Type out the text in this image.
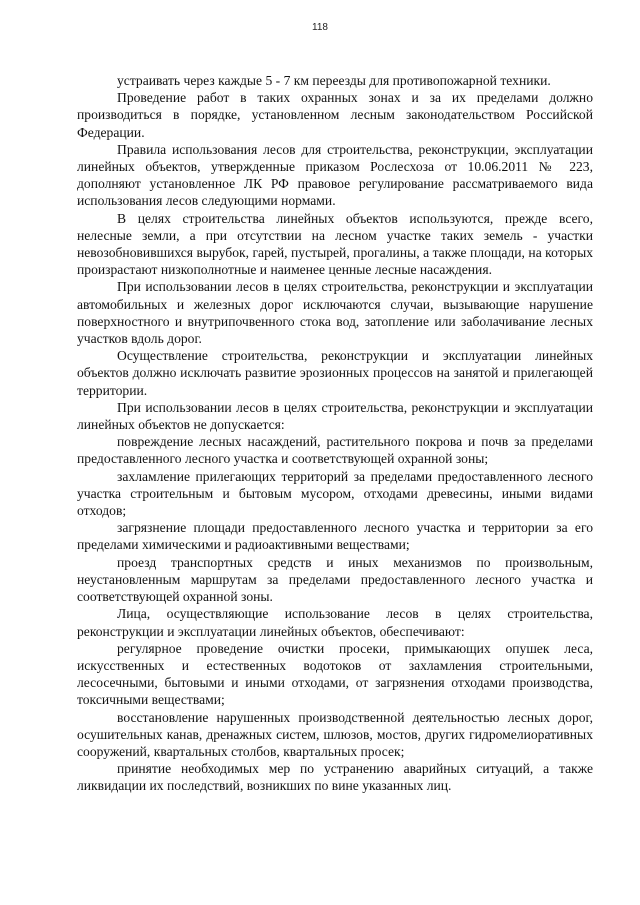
118

устраивать через каждые 5 - 7 км переезды для противопожарной техники.

Проведение работ в таких охранных зонах и за их пределами должно производиться в порядке, установленном лесным законодательством Российской Федерации.

Правила использования лесов для строительства, реконструкции, эксплуатации линейных объектов, утвержденные приказом Рослесхоза от 10.06.2011 № 223, дополняют установленное ЛК РФ правовое регулирование рассматриваемого вида использования лесов следующими нормами.

В целях строительства линейных объектов используются, прежде всего, нелесные земли, а при отсутствии на лесном участке таких земель - участки невозобновившихся вырубок, гарей, пустырей, прогалины, а также площади, на которых произрастают низкополнотные и наименее ценные лесные насаждения.

При использовании лесов в целях строительства, реконструкции и эксплуатации автомобильных и железных дорог исключаются случаи, вызывающие нарушение поверхностного и внутрипочвенного стока вод, затопление или заболачивание лесных участков вдоль дорог.

Осуществление строительства, реконструкции и эксплуатации линейных объектов должно исключать развитие эрозионных процессов на занятой и прилегающей территории.

При использовании лесов в целях строительства, реконструкции и эксплуатации линейных объектов не допускается:

повреждение лесных насаждений, растительного покрова и почв за пределами предоставленного лесного участка и соответствующей охранной зоны;

захламление прилегающих территорий за пределами предоставленного лесного участка строительным и бытовым мусором, отходами древесины, иными видами отходов;

загрязнение площади предоставленного лесного участка и территории за его пределами химическими и радиоактивными веществами;

проезд транспортных средств и иных механизмов по произвольным, неустановленным маршрутам за пределами предоставленного лесного участка и соответствующей охранной зоны.

Лица, осуществляющие использование лесов в целях строительства, реконструкции и эксплуатации линейных объектов, обеспечивают:

регулярное проведение очистки просеки, примыкающих опушек леса, искусственных и естественных водотоков от захламления строительными, лесосечными, бытовыми и иными отходами, от загрязнения отходами производства, токсичными веществами;

восстановление нарушенных производственной деятельностью лесных дорог, осушительных канав, дренажных систем, шлюзов, мостов, других гидромелиоративных сооружений, квартальных столбов, квартальных просек;

принятие необходимых мер по устранению аварийных ситуаций, а также ликвидации их последствий, возникших по вине указанных лиц.
